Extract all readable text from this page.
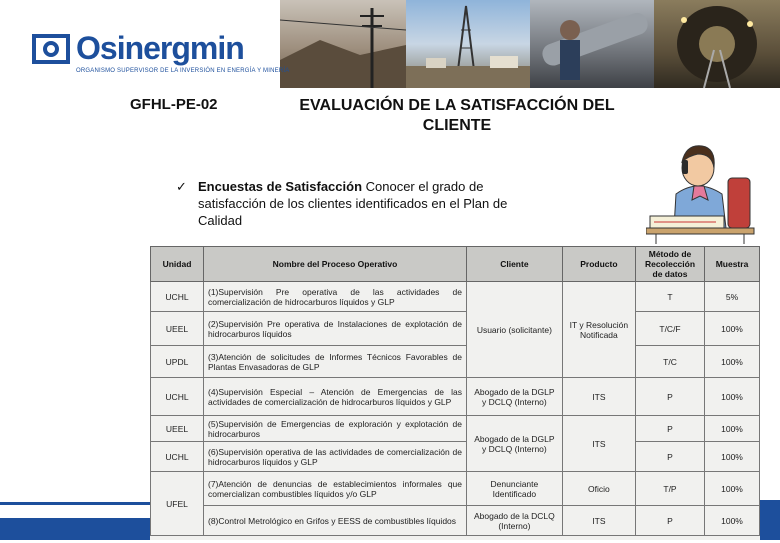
Osinergmin
ORGANISMO SUPERVISOR DE LA INVERSIÓN EN ENERGÍA Y MINERÍA
GFHL-PE-02	EVALUACIÓN DE LA SATISFACCIÓN DEL CLIENTE
✓ Encuestas de Satisfacción Conocer el grado de satisfacción de los clientes identificados en el Plan de Calidad
Unidad	Nombre del Proceso Operativo	Cliente	Producto	Método de Recolección de datos	Muestra
UCHL	(1)Supervisión Pre operativa de las actividades de comercialización de hidrocarburos líquidos y GLP	Usuario (solicitante)	IT y Resolución Notificada	T	5%
UEEL	(2)Supervisión Pre operativa de Instalaciones de explotación de hidrocarburos líquidos			T/C/F	100%
UPDL	(3)Atención de solicitudes de Informes Técnicos Favorables de Plantas Envasadoras de GLP			T/C	100%
UCHL	(4)Supervisión Especial – Atención de Emergencias de las actividades de comercialización de hidrocarburos líquidos y GLP	Abogado de la DGLP y DCLQ (Interno)	ITS	P	100%
UEEL	(5)Supervisión de Emergencias de exploración y explotación de hidrocarburos	Abogado de la DGLP y DCLQ (Interno)	ITS	P	100%
UCHL	(6)Supervisión operativa de las actividades de comercialización de hidrocarburos líquidos y GLP			P	100%
UFEL	(7)Atención de denuncias de establecimientos informales que comercializan combustibles líquidos y/o GLP	Denunciante Identificado	Oficio	T/P	100%
	(8)Control Metrológico en Grifos y EESS de combustibles líquidos	Abogado de la DCLQ (Interno)	ITS	P	100%
